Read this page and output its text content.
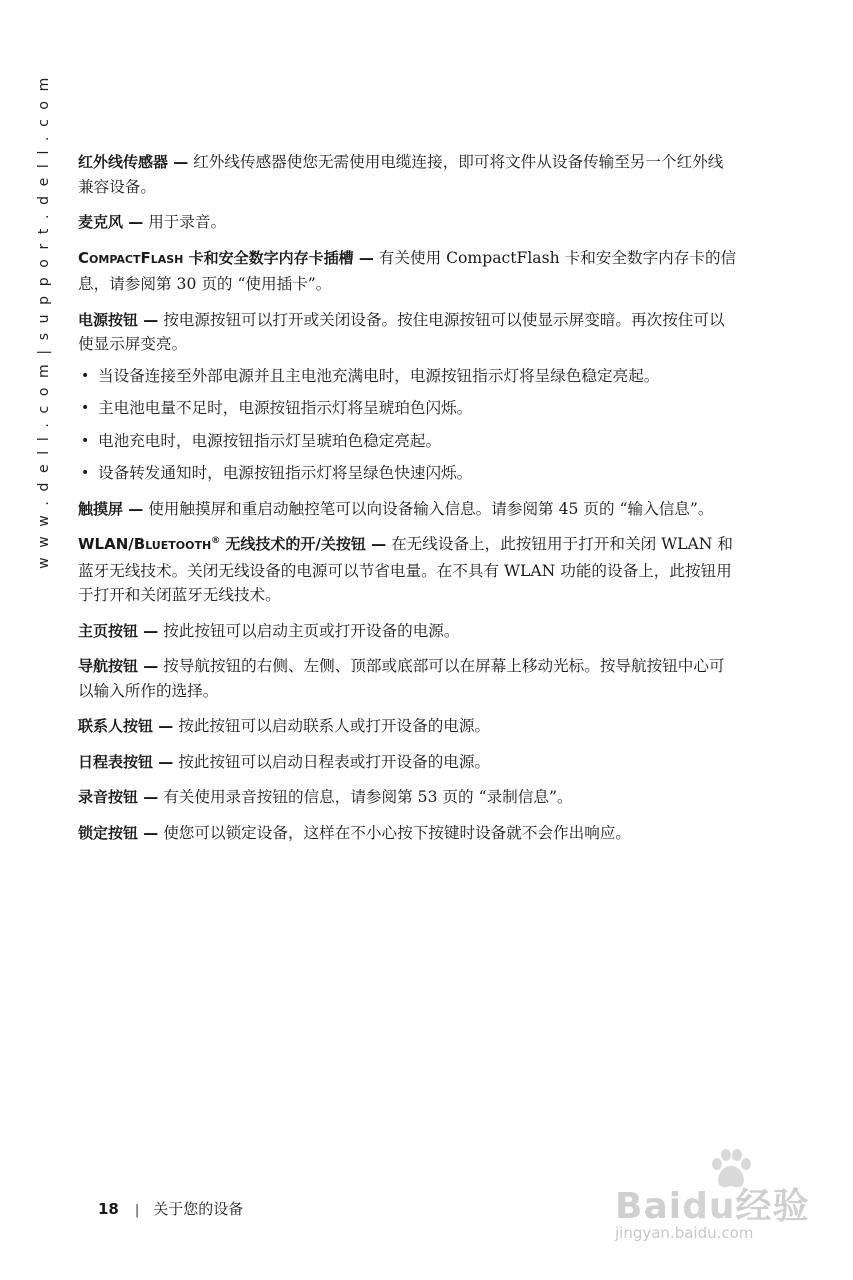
w w w . d e l l . c o m | s u p p o r t . d e l l . c o m 红外线传感器 — 红外线传感器使您无需使用电缆连接，即可将文件从设备传输至另一个红外线兼容设备。

麦克风 — 用于录音。

COMPACTFLASH 卡和安全数字内存卡插槽 — 有关使用 CompactFlash 卡和安全数字内存卡的信息，请参阅第 30 页的 “使用插卡”。

电源按钮 — 按电源按钮可以打开或关闭设备。按住电源按钮可以使显示屏变暗。再次按住可以使显示屏变亮。

• 当设备连接至外部电源并且主电池充满电时，电源按钮指示灯将呈绿色稳定亮起。
• 主电池电量不足时，电源按钮指示灯将呈琥珀色闪烁。
• 电池充电时，电源按钮指示灯呈琥珀色稳定亮起。
• 设备转发通知时，电源按钮指示灯将呈绿色快速闪烁。

触摸屏 — 使用触摸屏和重启动触控笔可以向设备输入信息。请参阅第 45 页的 “输入信息”。

WLAN/BLUETOOTH® 无线技术的开/关按钮 — 在无线设备上，此按钮用于打开和关闭 WLAN 和蓝牙无线技术。关闭无线设备的电源可以节省电量。在不具有 WLAN 功能的设备上，此按钮用于打开和关闭蓝牙无线技术。

主页按钮 — 按此按钮可以启动主页或打开设备的电源。

导航按钮 — 按导航按钮的右侧、左侧、顶部或底部可以在屏幕上移动光标。按导航按钮中心可以输入所作的选择。

联系人按钮 — 按此按钮可以启动联系人或打开设备的电源。

日程表按钮 — 按此按钮可以启动日程表或打开设备的电源。

录音按钮 — 有关使用录音按钮的信息，请参阅第 53 页的 “录制信息”。

锁定按钮 — 使您可以锁定设备，这样在不小心按下按键时设备就不会作出响应。

18 | 关于您的设备	Baidu经验
jingyan.baidu.com
